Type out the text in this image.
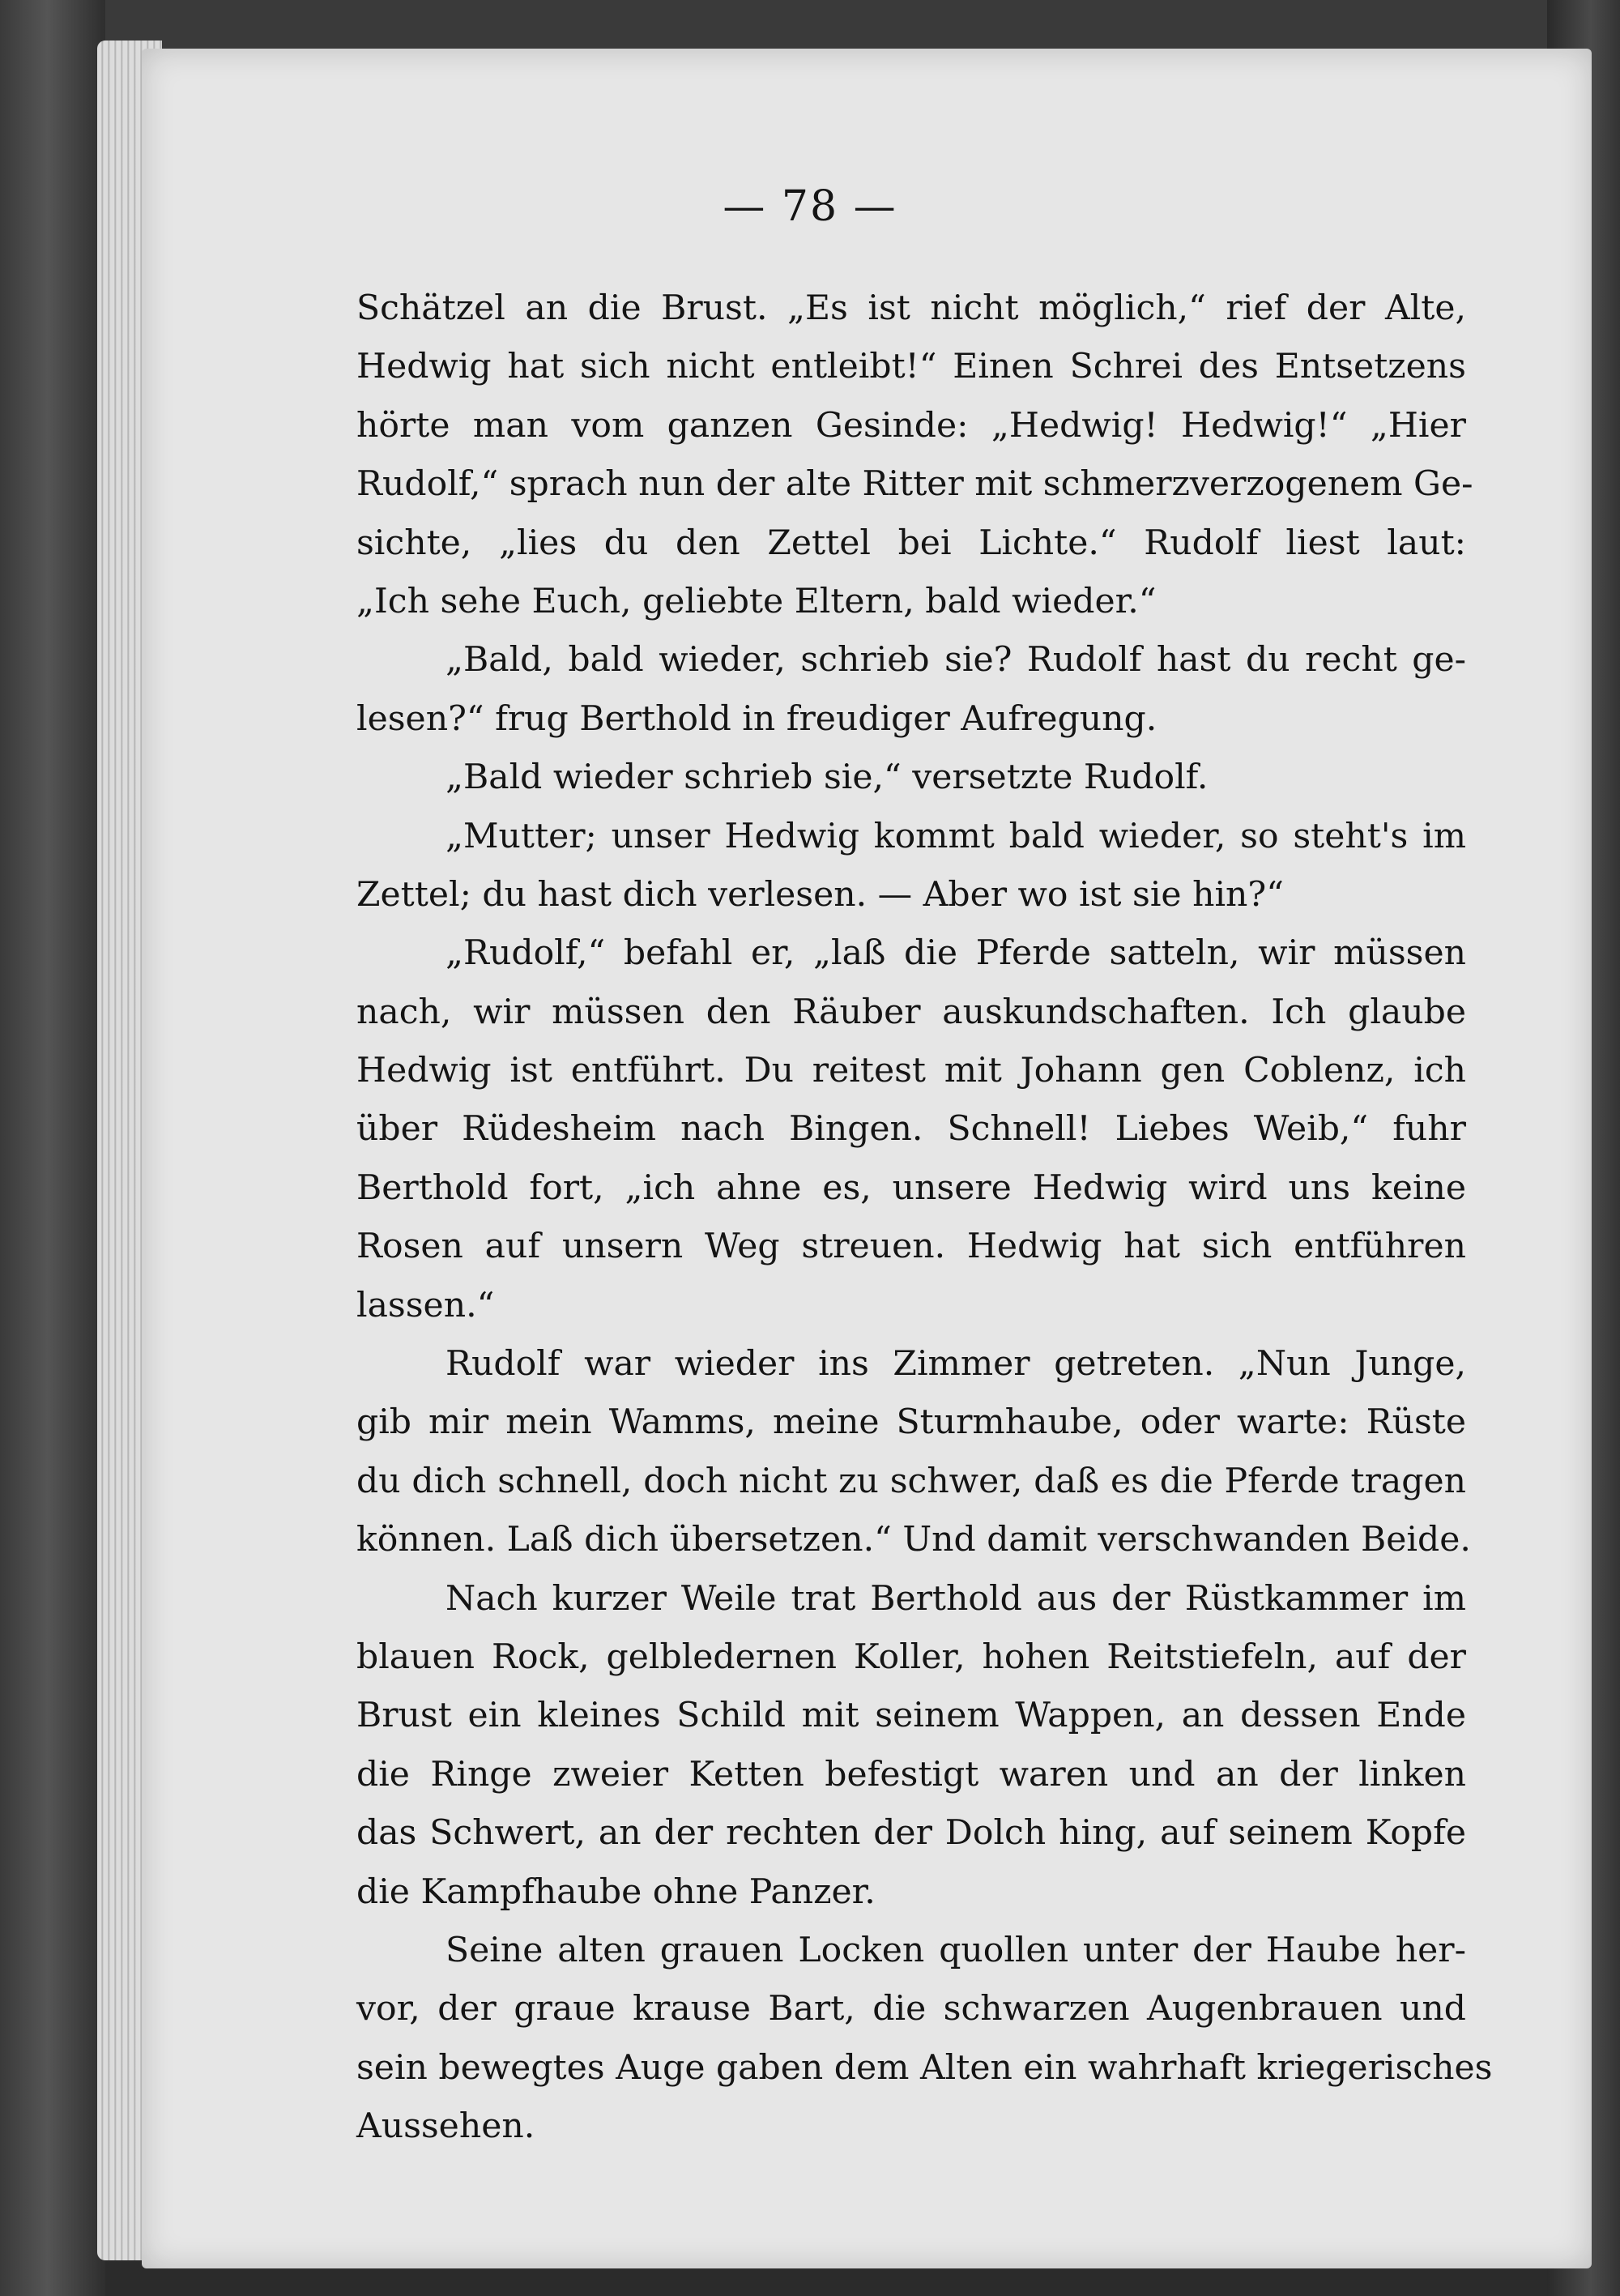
— 78 —
Schätzel an die Brust. „Es ist nicht möglich,“ rief der Alte,
Hedwig hat sich nicht entleibt!“ Einen Schrei des Entsetzens
hörte man vom ganzen Gesinde: „Hedwig! Hedwig!“ „Hier
Rudolf,“ sprach nun der alte Ritter mit schmerzverzogenem Ge-
sichte, „lies du den Zettel bei Lichte.“ Rudolf liest laut:
„Ich sehe Euch, geliebte Eltern, bald wieder.“
„Bald, bald wieder, schrieb sie? Rudolf hast du recht ge-
lesen?“ frug Berthold in freudiger Aufregung.
„Bald wieder schrieb sie,“ versetzte Rudolf.
„Mutter; unser Hedwig kommt bald wieder, so steht's im
Zettel; du hast dich verlesen. — Aber wo ist sie hin?“
„Rudolf,“ befahl er, „laß die Pferde satteln, wir müssen
nach, wir müssen den Räuber auskundschaften. Ich glaube
Hedwig ist entführt. Du reitest mit Johann gen Coblenz, ich
über Rüdesheim nach Bingen. Schnell! Liebes Weib,“ fuhr
Berthold fort, „ich ahne es, unsere Hedwig wird uns keine
Rosen auf unsern Weg streuen. Hedwig hat sich entführen
lassen.“
Rudolf war wieder ins Zimmer getreten. „Nun Junge,
gib mir mein Wamms, meine Sturmhaube, oder warte: Rüste
du dich schnell, doch nicht zu schwer, daß es die Pferde tragen
können. Laß dich übersetzen.“ Und damit verschwanden Beide.
Nach kurzer Weile trat Berthold aus der Rüstkammer im
blauen Rock, gelbledernen Koller, hohen Reitstiefeln, auf der
Brust ein kleines Schild mit seinem Wappen, an dessen Ende
die Ringe zweier Ketten befestigt waren und an der linken
das Schwert, an der rechten der Dolch hing, auf seinem Kopfe
die Kampfhaube ohne Panzer.
Seine alten grauen Locken quollen unter der Haube her-
vor, der graue krause Bart, die schwarzen Augenbrauen und
sein bewegtes Auge gaben dem Alten ein wahrhaft kriegerisches
Aussehen.
